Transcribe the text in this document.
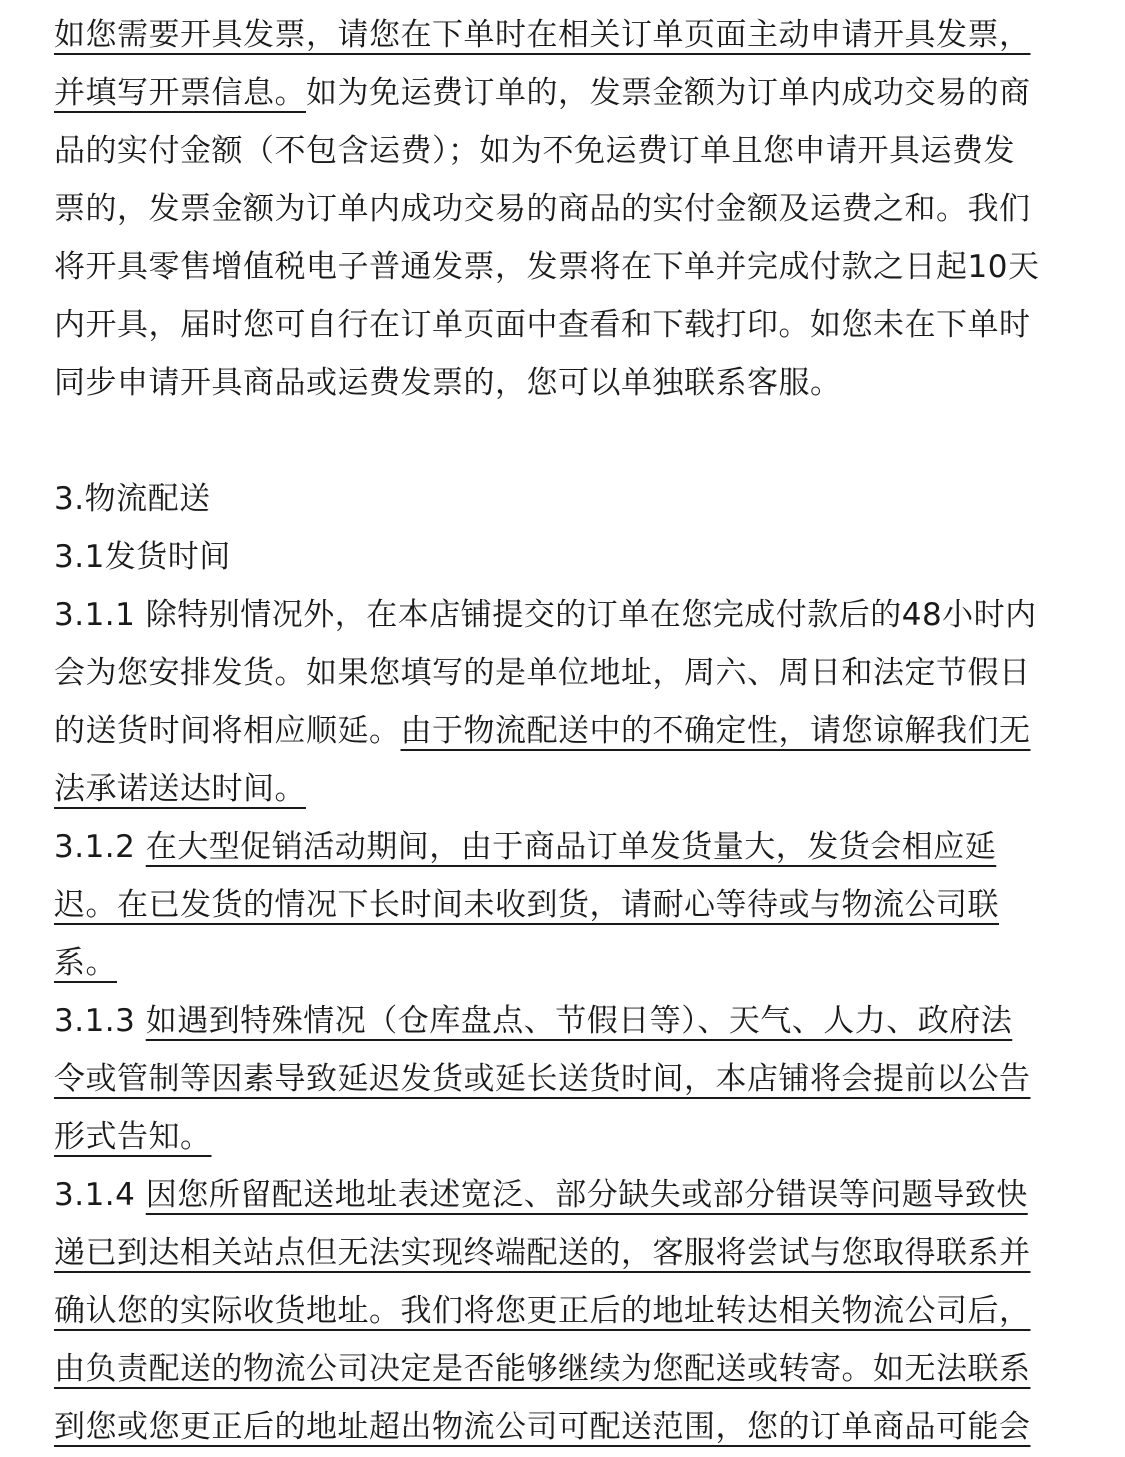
如您需要开具发票，请您在下单时在相关订单页面主动申请开具发票，
并填写开票信息。如为免运费订单的，发票金额为订单内成功交易的商
品的实付金额（不包含运费）；如为不免运费订单且您申请开具运费发
票的，发票金额为订单内成功交易的商品的实付金额及运费之和。我们
将开具零售增值税电子普通发票，发票将在下单并完成付款之日起10天
内开具，届时您可自行在订单页面中查看和下载打印。如您未在下单时
同步申请开具商品或运费发票的，您可以单独联系客服。
3.物流配送
3.1发货时间
3.1.1 除特别情况外，在本店铺提交的订单在您完成付款后的48小时内
会为您安排发货。如果您填写的是单位地址，周六、周日和法定节假日
的送货时间将相应顺延。由于物流配送中的不确定性，请您谅解我们无
法承诺送达时间。
3.1.2 在大型促销活动期间，由于商品订单发货量大，发货会相应延
迟。在已发货的情况下长时间未收到货，请耐心等待或与物流公司联
系。
3.1.3 如遇到特殊情况（仓库盘点、节假日等）、天气、人力、政府法
令或管制等因素导致延迟发货或延长送货时间，本店铺将会提前以公告
形式告知。
3.1.4 因您所留配送地址表述宽泛、部分缺失或部分错误等问题导致快
递已到达相关站点但无法实现终端配送的，客服将尝试与您取得联系并
确认您的实际收货地址。我们将您更正后的地址转达相关物流公司后，
由负责配送的物流公司决定是否能够继续为您配送或转寄。如无法联系
到您或您更正后的地址超出物流公司可配送范围，您的订单商品可能会
